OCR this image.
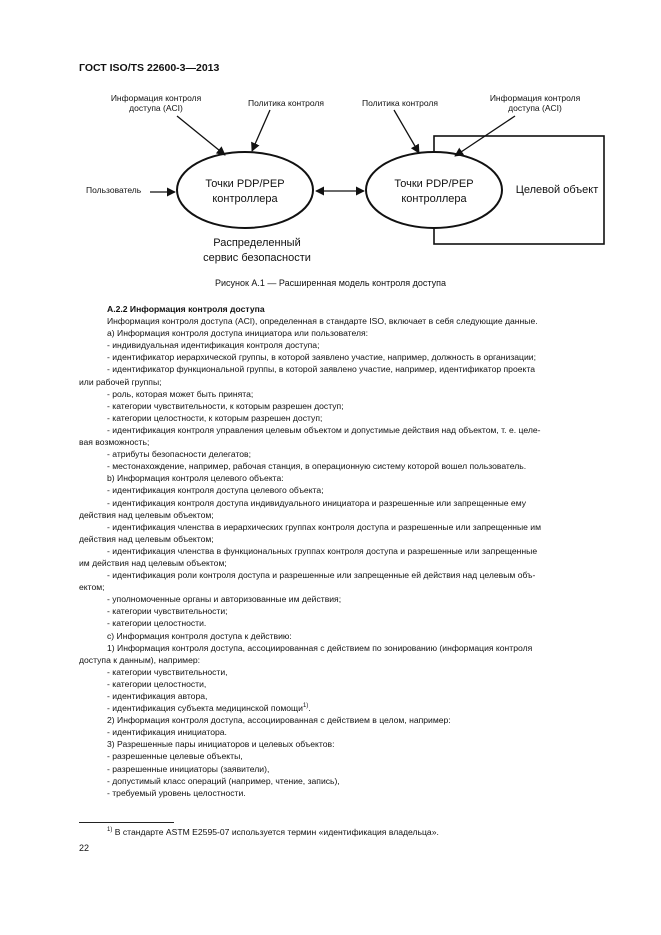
ГОСТ ISO/TS 22600-3—2013
Целевой объект
Точки PDP/PEP
контроллера
Точки PDP/PEP
контроллера
Информация контроля
доступа (ACI)	Политика контроля	Политика контроля	Информация контроля
доступа (ACI)
Пользователь
Распределенный
сервис безопасности
Рисунок А.1 — Расширенная модель контроля доступа

А.2.2 Информация контроля доступа

Информация контроля доступа (ACI), определенная в стандарте ISO, включает в себя следующие данные.

а) Информация контроля доступа инициатора или пользователя:

- индивидуальная идентификация контроля доступа;

- идентификатор иерархической группы, в которой заявлено участие, например, должность в организации;

- идентификатор функциональной группы, в которой заявлено участие, например, идентификатор проекта

или рабочей группы;

- роль, которая может быть принята;

- категории чувствительности, к которым разрешен доступ;

- категории целостности, к которым разрешен доступ;

- идентификация контроля управления целевым объектом и допустимые действия над объектом, т. е. целе-

вая возможность;

- атрибуты безопасности делегатов;

- местонахождение, например, рабочая станция, в операционную систему которой вошел пользователь.

b) Информация контроля целевого объекта:

- идентификация контроля доступа целевого объекта;

- идентификация контроля доступа индивидуального инициатора и разрешенные или запрещенные ему

действия над целевым объектом;

- идентификация членства в иерархических группах контроля доступа и разрешенные или запрещенные им

действия над целевым объектом;

- идентификация членства в функциональных группах контроля доступа и разрешенные или запрещенные

им действия над целевым объектом;

- идентификация роли контроля доступа и разрешенные или запрещенные ей действия над целевым объ-

ектом;

- уполномоченные органы и авторизованные им действия;

- категории чувствительности;

- категории целостности.

с) Информация контроля доступа к действию:

1) Информация контроля доступа, ассоциированная с действием по зонированию (информация контроля

доступа к данным), например:

- категории чувствительности,

- категории целостности,

- идентификация автора,

- идентификация субъекта медицинской помощи$^{1)}$.

2) Информация контроля доступа, ассоциированная с действием в целом, например:

- идентификация инициатора.

3) Разрешенные пары инициаторов и целевых объектов:

- разрешенные целевые объекты,

- разрешенные инициаторы (заявители),

- допустимый класс операций (например, чтение, запись),

- требуемый уровень целостности.

$^{1)}$ В стандарте ASTM E2595-07 используется термин «идентификация владельца».
22
